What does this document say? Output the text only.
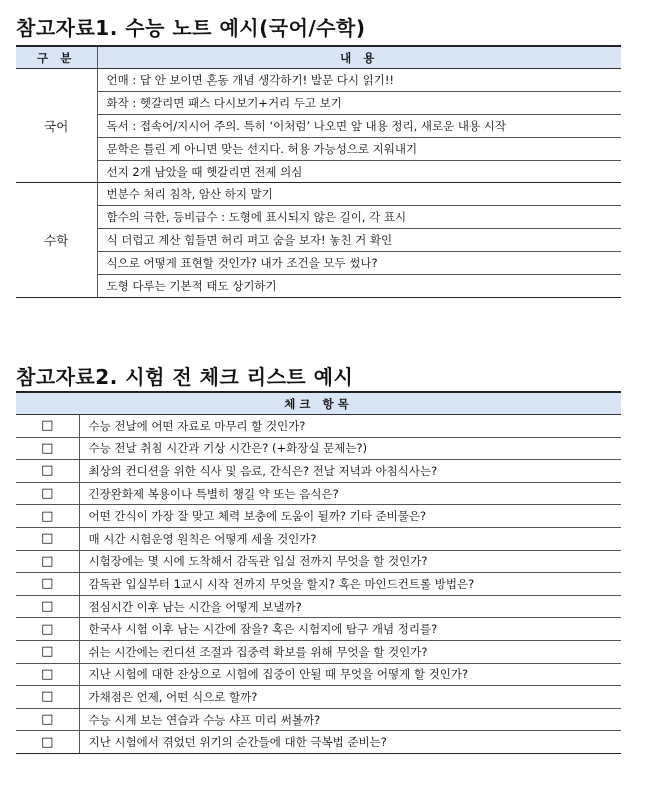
참고자료1. 수능 노트 예시(국어/수학)
구 분	내 용
국어	언매 : 답 안 보이면 혼동 개념 생각하기! 발문 다시 읽기!!
	화작 : 헷갈리면 패스 다시보기+거리 두고 보기
	독서 : 접속어/지시어 주의. 특히 ‘이처럼’ 나오면 앞 내용 정리, 새로운 내용 시작
	문학은 틀린 게 아니면 맞는 선지다. 허용 가능성으로 지워내기
	선지 2개 남았을 때 헷갈리면 전제 의심
수학	번분수 처리 침착, 암산 하지 말기
	함수의 극한, 등비급수 : 도형에 표시되지 않은 길이, 각 표시
	식 더럽고 계산 힘들면 허리 펴고 숨을 보자! 놓친 거 확인
	식으로 어떻게 표현할 것인가? 내가 조건을 모두 썼나?
	도형 다루는 기본적 태도 상기하기
참고자료2. 시험 전 체크 리스트 예시
체크 항목	
□	수능 전날에 어떤 자료로 마무리 할 것인가?
□	수능 전날 취침 시간과 기상 시간은? (+화장실 문제는?)
□	최상의 컨디션을 위한 식사 및 음료, 간식은? 전날 저녁과 아침식사는?
□	긴장완화제 복용이나 특별히 챙길 약 또는 음식은?
□	어떤 간식이 가장 잘 맞고 체력 보충에 도움이 될까? 기타 준비물은?
□	매 시간 시험운영 원칙은 어떻게 세울 것인가?
□	시험장에는 몇 시에 도착해서 감독관 입실 전까지 무엇을 할 것인가?
□	감독관 입실부터 1교시 시작 전까지 무엇을 할지? 혹은 마인드컨트롤 방법은?
□	점심시간 이후 남는 시간을 어떻게 보낼까?
□	한국사 시험 이후 남는 시간에 잠을? 혹은 시험지에 탐구 개념 정리를?
□	쉬는 시간에는 컨디션 조절과 집중력 확보를 위해 무엇을 할 것인가?
□	지난 시험에 대한 잔상으로 시험에 집중이 안될 때 무엇을 어떻게 할 것인가?
□	가채점은 언제, 어떤 식으로 할까?
□	수능 시계 보는 연습과 수능 샤프 미리 써볼까?
□	지난 시험에서 겪었던 위기의 순간들에 대한 극복법 준비는?
